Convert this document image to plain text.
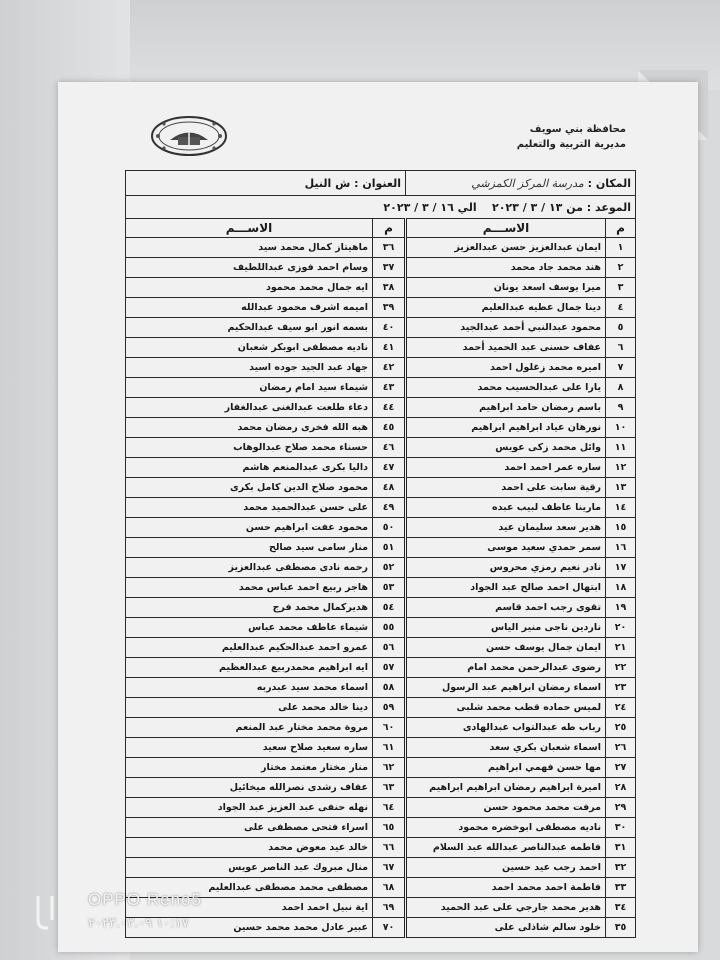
محافظة بني سويف
مديرية التربية والتعليم
المكان : مدرسة المركز الكمزشي		العنوان : ش النيل	
الموعد : من ١٣ / ٣ / ٢٠٢٣    الي ١٦ / ٣ / ٢٠٢٣			
م	الاســـم	م	الاســـم
١	ايمان عبدالعزيز حسن عبدالعزيز	٣٦	ماهيتاز كمال محمد سيد
٢	هند محمد جاد محمد	٣٧	وسام احمد فوزى عبداللطيف
٣	ميرا يوسف اسعد يونان	٣٨	ايه جمال محمد محمود
٤	دينا جمال عطيه عبدالعليم	٣٩	اميمه اشرف محمود عبدالله
٥	محمود عبدالنبي أحمد عبدالجيد	٤٠	بسمه انور ابو سيف عبدالحكيم
٦	عفاف حسنى عبد الحميد أحمد	٤١	ناديه مصطفى ابوبكر شعبان
٧	اميره محمد زغلول احمد	٤٢	جهاد عبد الجيد جوده اسيد
٨	يارا على عبدالحسيب محمد	٤٣	شيماء سيد امام رمضان
٩	باسم رمضان حامد ابراهيم	٤٤	دعاء طلعت عبدالغنى عبدالغفار
١٠	نورهان عياد ابراهيم ابراهيم	٤٥	هبه الله فخرى رمضان محمد
١١	وائل محمد زكى عويس	٤٦	حسناء محمد صلاح عبدالوهاب
١٢	ساره عمر احمد احمد	٤٧	داليا بكرى عبدالمنعم هاشم
١٣	رقية سابت على احمد	٤٨	محمود صلاح الدين كامل بكرى
١٤	مارينا عاطف لبيب عبده	٤٩	على حسن عبدالحميد محمد
١٥	هدير سعد سليمان عيد	٥٠	محمود عفت ابراهيم حسن
١٦	سمر حمدي سعيد موسى	٥١	منار سامى سيد صالح
١٧	نادر نعيم رمزي محروس	٥٢	رحمه نادى مصطفى عبدالعزيز
١٨	ابتهال احمد صالح عبد الجواد	٥٣	هاجر ربيع احمد عباس محمد
١٩	تقوى رجب احمد قاسم	٥٤	هديركمال محمد فرج
٢٠	ناردين ناجى منير الياس	٥٥	شيماء عاطف محمد عباس
٢١	ايمان جمال يوسف حسن	٥٦	عمرو احمد عبدالحكيم عبدالعليم
٢٢	رضوى عبدالرحمن محمد امام	٥٧	ايه ابراهيم محمدربيع عبدالعظيم
٢٣	اسماء رمضان ابراهيم عبد الرسول	٥٨	اسماء محمد سيد عبدربه
٢٤	لميس حماده قطب محمد شلبى	٥٩	دينا خالد محمد على
٢٥	رباب طه عبدالتواب عبدالهادى	٦٠	مروة محمد مختار عبد المنعم
٢٦	اسماء شعبان بكري سعد	٦١	ساره سعيد صلاح سعيد
٢٧	مها حسن فهمي ابراهيم	٦٢	منار مختار معتمد مختار
٢٨	اميرة ابراهيم رمضان ابراهيم ابراهيم	٦٣	عفاف رشدى نصرالله ميخائيل
٢٩	مرفت محمد محمود حسن	٦٤	نهله حنفى عبد العزيز عبد الجواد
٣٠	ناديه مصطفى ابوخضره محمود	٦٥	اسراء فتحى مصطفى على
٣١	فاطمه عبدالناصر عبدالله عبد السلام	٦٦	خالد عيد معوض محمد
٣٢	احمد رجب عيد حسين	٦٧	منال مبروك عبد الناصر عويس
٣٣	فاطمة احمد محمد احمد	٦٨	مصطفى محمد مصطفى عبدالعليم
٣٤	هدير محمد جارجي على عبد الحميد	٦٩	اية نبيل احمد احمد
٣٥	خلود سالم شاذلى على	٧٠	عبير عادل محمد محمد حسين
OPPO Reno5
١٠:١٧ ٢٠٢٣.٠٣.٠٩
